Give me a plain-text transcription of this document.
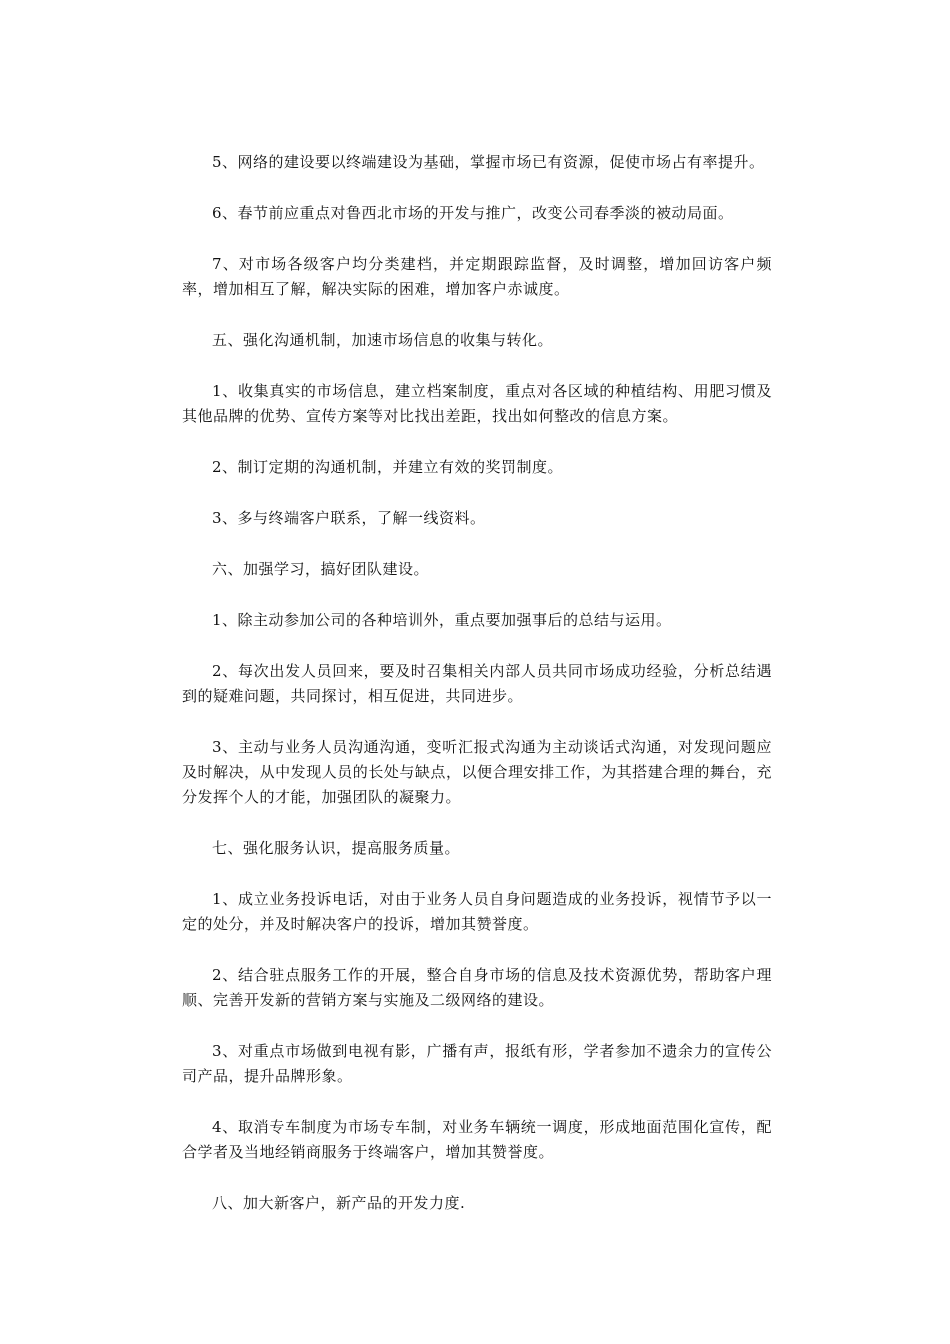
5、网络的建设要以终端建设为基础，掌握市场已有资源，促使市场占有率提升。

6、春节前应重点对鲁西北市场的开发与推广，改变公司春季淡的被动局面。

7、对市场各级客户均分类建档，并定期跟踪监督，及时调整，增加回访客户频率，增加相互了解，解决实际的困难，增加客户赤诚度。

五、强化沟通机制，加速市场信息的收集与转化。

1、收集真实的市场信息，建立档案制度，重点对各区域的种植结构、用肥习惯及其他品牌的优势、宣传方案等对比找出差距，找出如何整改的信息方案。

2、制订定期的沟通机制，并建立有效的奖罚制度。

3、多与终端客户联系，了解一线资料。

六、加强学习，搞好团队建设。

1、除主动参加公司的各种培训外，重点要加强事后的总结与运用。

2、每次出发人员回来，要及时召集相关内部人员共同市场成功经验，分析总结遇到的疑难问题，共同探讨，相互促进，共同进步。

3、主动与业务人员沟通沟通，变听汇报式沟通为主动谈话式沟通，对发现问题应及时解决，从中发现人员的长处与缺点，以便合理安排工作，为其搭建合理的舞台，充分发挥个人的才能，加强团队的凝聚力。

七、强化服务认识，提高服务质量。

1、成立业务投诉电话，对由于业务人员自身问题造成的业务投诉，视情节予以一定的处分，并及时解决客户的投诉，增加其赞誉度。

2、结合驻点服务工作的开展，整合自身市场的信息及技术资源优势，帮助客户理顺、完善开发新的营销方案与实施及二级网络的建设。

3、对重点市场做到电视有影，广播有声，报纸有形，学者参加不遗余力的宣传公司产品，提升品牌形象。

4、取消专车制度为市场专车制，对业务车辆统一调度，形成地面范围化宣传，配合学者及当地经销商服务于终端客户，增加其赞誉度。

八、加大新客户，新产品的开发力度.
